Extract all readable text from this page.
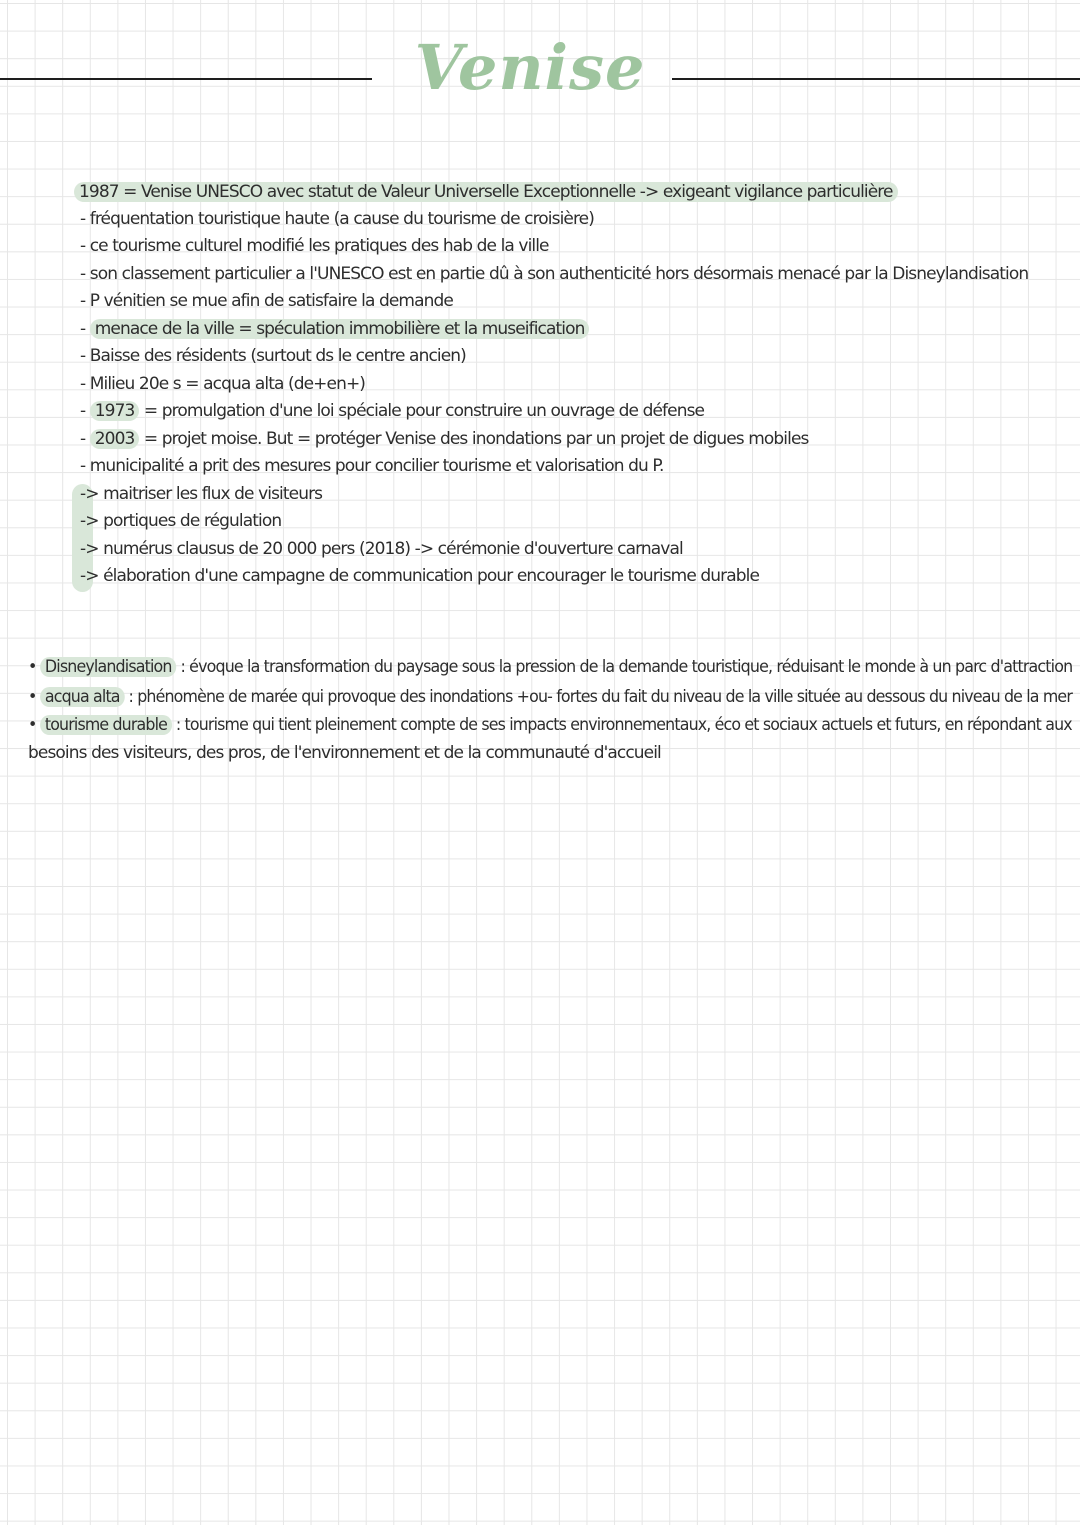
Venise
1987 = Venise UNESCO avec statut de Valeur Universelle Exceptionnelle -> exigeant vigilance particulière
- fréquentation touristique haute (a cause du tourisme de croisière)
- ce tourisme culturel modifié les pratiques des hab de la ville
- son classement particulier a l'UNESCO est en partie dû à son authenticité hors désormais menacé par la Disneylandisation
- P vénitien se mue afin de satisfaire la demande
- menace de la ville = spéculation immobilière et la museification
- Baisse des résidents (surtout ds le centre ancien)
- Milieu 20e s = acqua alta (de+en+)
- 1973 = promulgation d'une loi spéciale pour construire un ouvrage de défense
- 2003 = projet moise. But = protéger Venise des inondations par un projet de digues mobiles
- municipalité a prit des mesures pour concilier tourisme et valorisation du P.
-> maitriser les flux de visiteurs
-> portiques de régulation
-> numérus clausus de 20 000 pers (2018) -> cérémonie d'ouverture carnaval
-> élaboration d'une campagne de communication pour encourager le tourisme durable
• Disneylandisation : évoque la transformation du paysage sous la pression de la demande touristique, réduisant le monde à un parc d'attraction
• acqua alta : phénomène de marée qui provoque des inondations +ou- fortes du fait du niveau de la ville située au dessous du niveau de la mer
• tourisme durable : tourisme qui tient pleinement compte de ses impacts environnementaux, éco et sociaux actuels et futurs, en répondant aux
besoins des visiteurs, des pros, de l'environnement et de la communauté d'accueil
